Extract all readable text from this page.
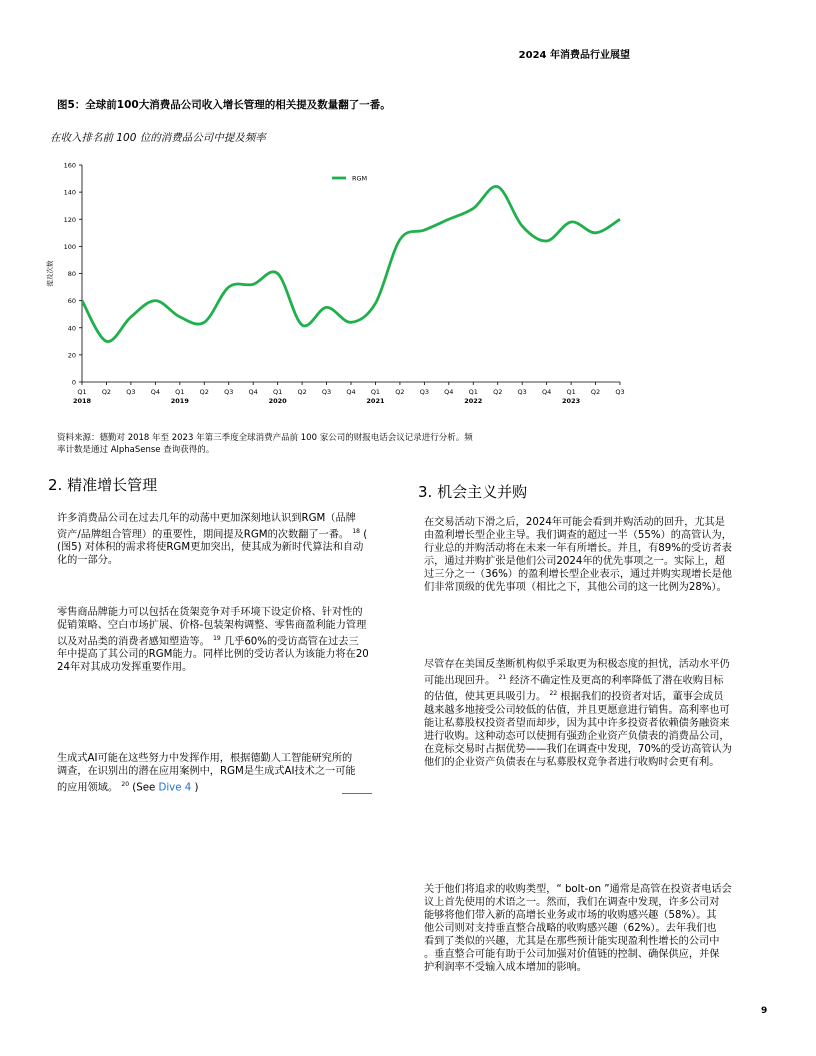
2024 年消费品行业展望
图5：全球前100大消费品公司收入增长管理的相关提及数量翻了一番。
在收入排名前 100 位的消费品公司中提及频率
0
20
40
60
80
100
120
140
160
Q1 Q2 Q3 Q4 Q1 Q2 Q3 Q4 Q1 Q2 Q3 Q4 Q1 Q2 Q3 Q4 Q1 Q2 Q3 Q4 Q1 Q2 Q3
2018	2019	2020	2021	2022	2023
提及次数
RGM
资料来源：德勤对 2018 年至 2023 年第三季度全球消费产品前 100 家公司的财报电话会议记录进行分析。频
率计数是通过 AlphaSense 查询获得的。
2. 精准增长管理
许多消费品公司在过去几年的动荡中更加深刻地认识到RGM（品牌
资产/品牌组合管理）的重要性，期间提及RGM的次数翻了一番。 $^{18}$ (
(图5) 对体积的需求将使RGM更加突出，使其成为新时代算法和自动
化的一部分。
零售商品牌能力可以包括在货架竞争对手环境下设定价格、针对性的
促销策略、空白市场扩展、价格-包装架构调整、零售商盈利能力管理
以及对品类的消费者感知塑造等。 $^{19}$ 几乎60%的受访高管在过去三
年中提高了其公司的RGM能力。同样比例的受访者认为该能力将在20
24年对其成功发挥重要作用。
生成式AI可能在这些努力中发挥作用，根据德勤人工智能研究所的
调查，在识别出的潜在应用案例中，RGM是生成式AI技术之一可能
的应用领域。 $^{20}$ (See Dive 4 )
3. 机会主义并购
在交易活动下滑之后，2024年可能会看到并购活动的回升，尤其是
由盈利增长型企业主导。我们调查的超过一半（55%）的高管认为，
行业总的并购活动将在未来一年有所增长。并且，有89%的受访者表
示，通过并购扩张是他们公司2024年的优先事项之一。实际上，超
过三分之一（36%）的盈利增长型企业表示，通过并购实现增长是他
们非常顶级的优先事项（相比之下，其他公司的这一比例为28%）。
尽管存在美国反垄断机构似乎采取更为积极态度的担忧，活动水平仍
可能出现回升。 $^{21}$ 经济不确定性及更高的利率降低了潜在收购目标
的估值，使其更具吸引力。 $^{22}$ 根据我们的投资者对话，董事会成员
越来越多地接受公司较低的估值，并且更愿意进行销售。高利率也可
能让私募股权投资者望而却步，因为其中许多投资者依赖债务融资来
进行收购。这种动态可以使拥有强劲企业资产负债表的消费品公司，
在竞标交易时占据优势——我们在调查中发现，70%的受访高管认为
他们的企业资产负债表在与私募股权竞争者进行收购时会更有利。
关于他们将追求的收购类型，“ bolt-on ”通常是高管在投资者电话会
议上首先使用的术语之一。然而，我们在调查中发现，许多公司对
能够将他们带入新的高增长业务或市场的收购感兴趣（58%）。其
他公司则对支持垂直整合战略的收购感兴趣（62%）。去年我们也
看到了类似的兴趣，尤其是在那些预计能实现盈利性增长的公司中
。垂直整合可能有助于公司加强对价值链的控制、确保供应，并保
护利润率不受输入成本增加的影响。
9
